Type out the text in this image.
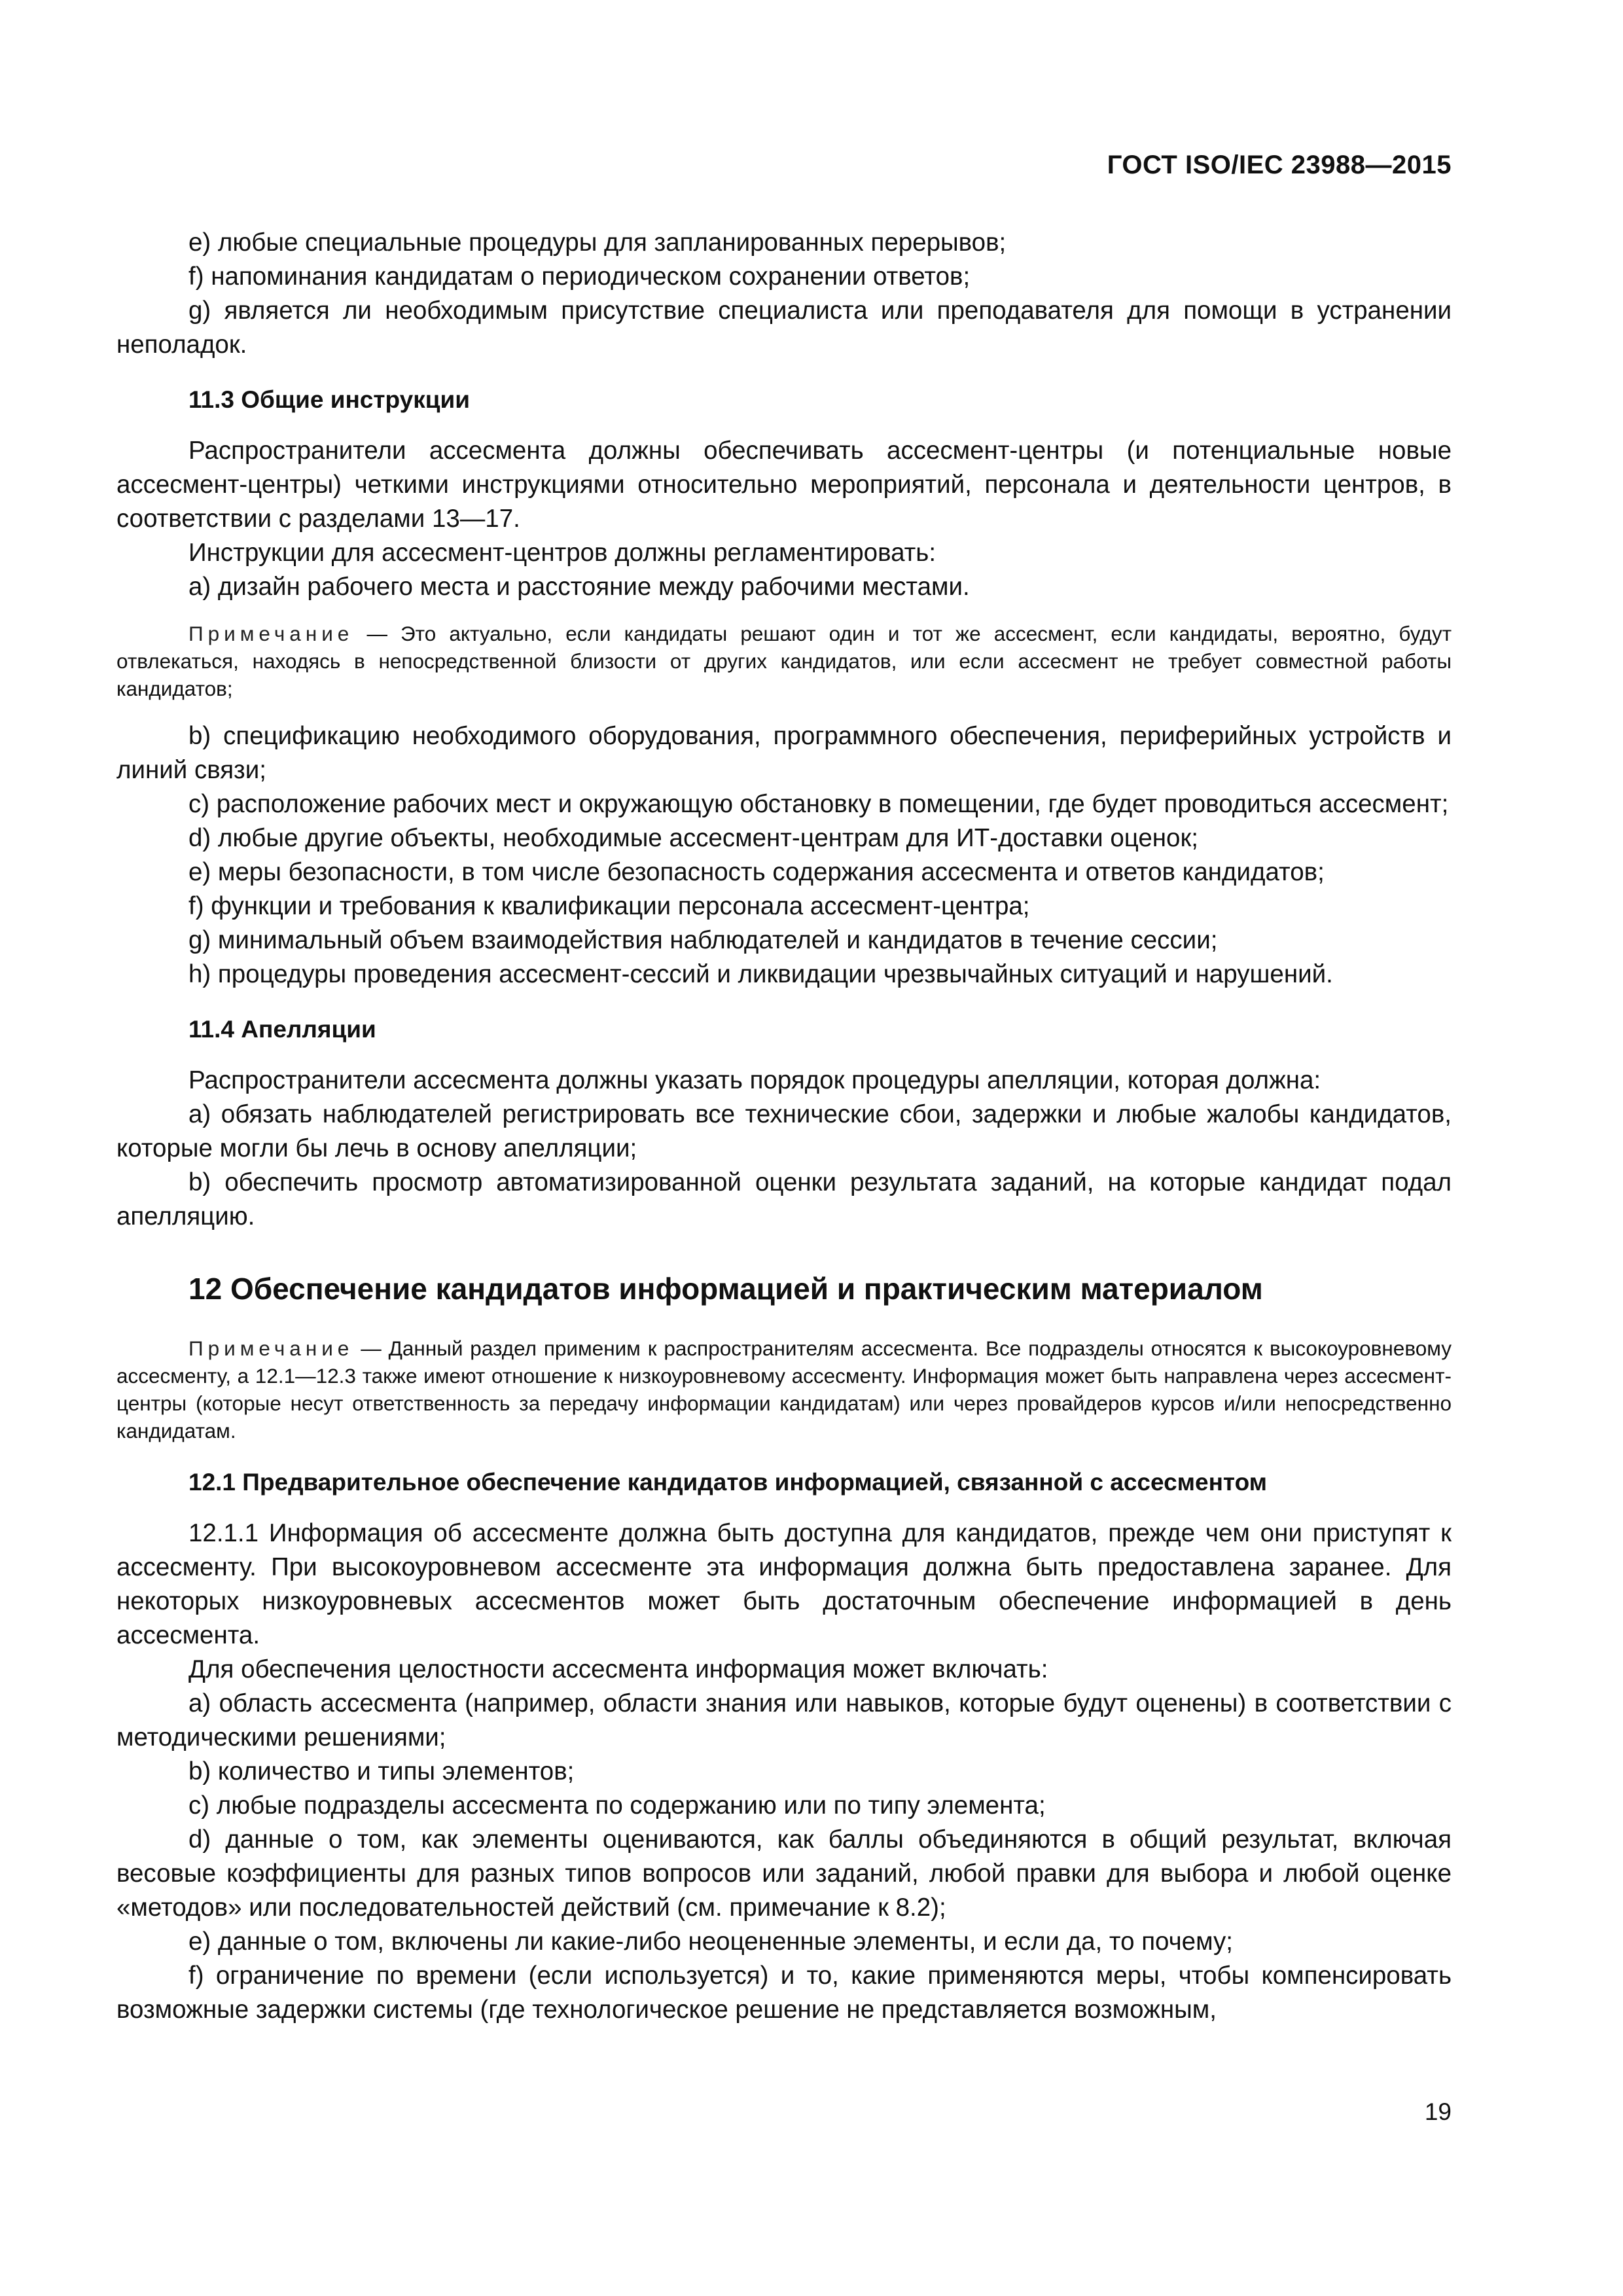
ГОСТ ISO/IEC 23988—2015

е) любые специальные процедуры для запланированных перерывов;

f) напоминания кандидатам о периодическом сохранении ответов;

g) является ли необходимым присутствие специалиста или преподавателя для помощи в устранении неполадок.

11.3 Общие инструкции

Распространители ассесмента должны обеспечивать ассесмент-центры (и потенциальные новые ассесмент-центры) четкими инструкциями относительно мероприятий, персонала и деятельности центров, в соответствии с разделами 13—17.

Инструкции для ассесмент-центров должны регламентировать:

а) дизайн рабочего места и расстояние между рабочими местами.

Примечание — Это актуально, если кандидаты решают один и тот же ассесмент, если кандидаты, вероятно, будут отвлекаться, находясь в непосредственной близости от других кандидатов, или если ассесмент не требует совместной работы кандидатов;

b) спецификацию необходимого оборудования, программного обеспечения, периферийных устройств и линий связи;

с) расположение рабочих мест и окружающую обстановку в помещении, где будет проводиться ассесмент;

d) любые другие объекты, необходимые ассесмент-центрам для ИТ-доставки оценок;

е) меры безопасности, в том числе безопасность содержания ассесмента и ответов кандидатов;

f) функции и требования к квалификации персонала ассесмент-центра;

g) минимальный объем взаимодействия наблюдателей и кандидатов в течение сессии;

h) процедуры проведения ассесмент-сессий и ликвидации чрезвычайных ситуаций и нарушений.

11.4 Апелляции

Распространители ассесмента должны указать порядок процедуры апелляции, которая должна:

а) обязать наблюдателей регистрировать все технические сбои, задержки и любые жалобы кандидатов, которые могли бы лечь в основу апелляции;

b) обеспечить просмотр автоматизированной оценки результата заданий, на которые кандидат подал апелляцию.

12 Обеспечение кандидатов информацией и практическим материалом
Примечание — Данный раздел применим к распространителям ассесмента. Все подразделы относятся к высокоуровневому ассесменту, а 12.1—12.3 также имеют отношение к низкоуровневому ассесменту. Информация может быть направлена через ассесмент-центры (которые несут ответственность за передачу информации кандидатам) или через провайдеров курсов и/или непосредственно кандидатам.
12.1 Предварительное обеспечение кандидатов информацией, связанной с ассесментом

12.1.1 Информация об ассесменте должна быть доступна для кандидатов, прежде чем они приступят к ассесменту. При высокоуровневом ассесменте эта информация должна быть предоставлена заранее. Для некоторых низкоуровневых ассесментов может быть достаточным обеспечение информацией в день ассесмента.

Для обеспечения целостности ассесмента информация может включать:

а) область ассесмента (например, области знания или навыков, которые будут оценены) в соответствии с методическими решениями;

b) количество и типы элементов;

с) любые подразделы ассесмента по содержанию или по типу элемента;

d) данные о том, как элементы оцениваются, как баллы объединяются в общий результат, включая весовые коэффициенты для разных типов вопросов или заданий, любой правки для выбора и любой оценке «методов» или последовательностей действий (см. примечание к 8.2);

е) данные о том, включены ли какие-либо неоцененные элементы, и если да, то почему;

f) ограничение по времени (если используется) и то, какие применяются меры, чтобы компенсировать возможные задержки системы (где технологическое решение не представляется возможным,

19
